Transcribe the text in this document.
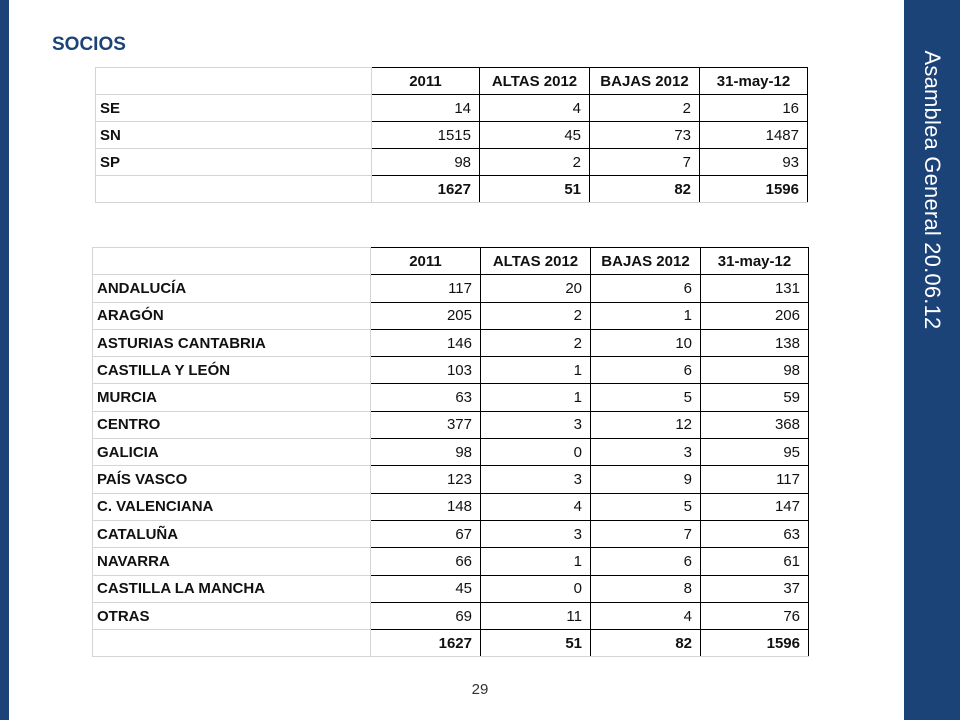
Asamblea General 20.06.12
SOCIOS
	2011	ALTAS 2012	BAJAS 2012	31-may-12
SE	14	4	2	16
SN	1515	45	73	1487
SP	98	2	7	93
	1627	51	82	1596
	2011	ALTAS 2012	BAJAS 2012	31-may-12
ANDALUCÍA	117	20	6	131
ARAGÓN	205	2	1	206
ASTURIAS CANTABRIA	146	2	10	138
CASTILLA Y LEÓN	103	1	6	98
MURCIA	63	1	5	59
CENTRO	377	3	12	368
GALICIA	98	0	3	95
PAÍS VASCO	123	3	9	117
C. VALENCIANA	148	4	5	147
CATALUÑA	67	3	7	63
NAVARRA	66	1	6	61
CASTILLA LA MANCHA	45	0	8	37
OTRAS	69	11	4	76
	1627	51	82	1596
29
